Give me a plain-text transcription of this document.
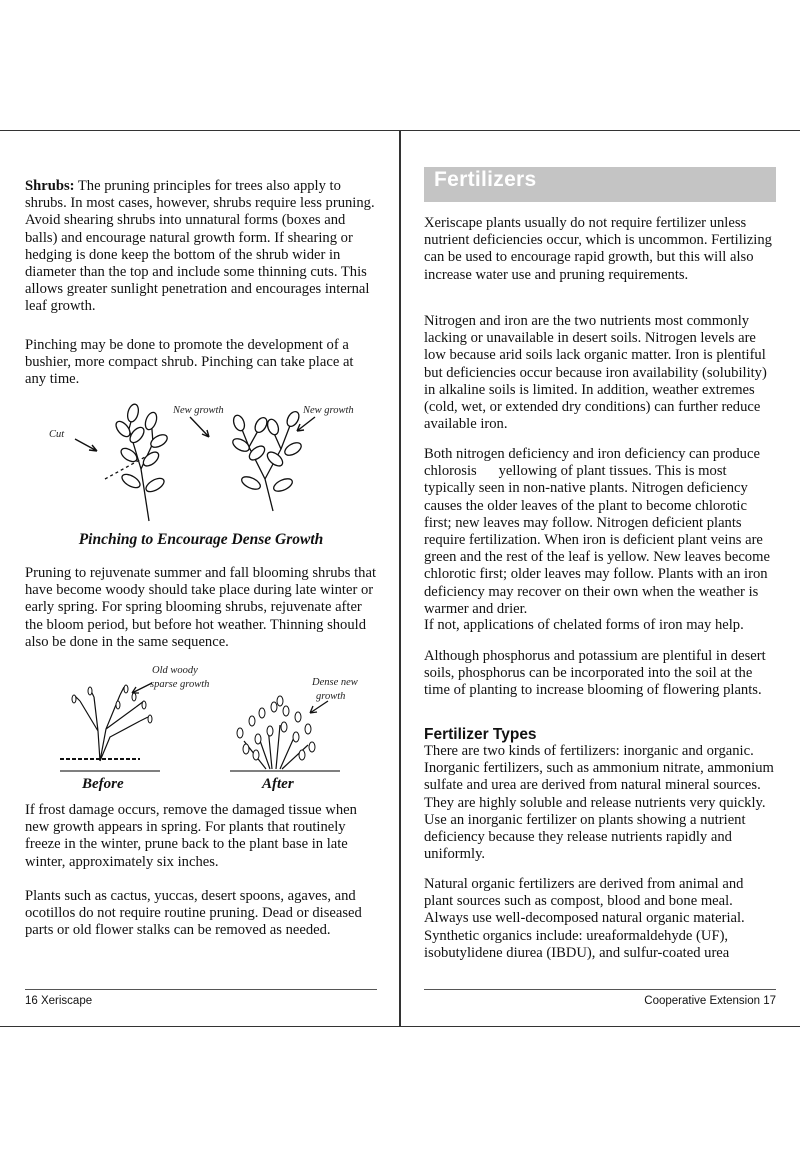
Shrubs: The pruning principles for trees also apply to shrubs. In most cases, however, shrubs require less pruning. Avoid shearing shrubs into unnatural forms (boxes and balls) and encourage natural growth form. If shearing or hedging is done keep the bottom of the shrub wider in diameter than the top and include some thinning cuts. This allows greater sunlight penetration and encourages internal leaf growth.

Pinching may be done to promote the development of a bushier, more compact shrub. Pinching can take place at any time.

Cut
New growth	New growth
Pinching to Encourage Dense Growth

Pruning to rejuvenate summer and fall blooming shrubs that have become woody should take place during late winter or early spring. For spring blooming shrubs, rejuvenate after the bloom period, but before hot weather. Thinning should also be done in the same sequence.

Old woody
sparse growth	Dense new
growth
Before	After

If frost damage occurs, remove the damaged tissue when new growth appears in spring. For plants that routinely freeze in the winter, prune back to the plant base in late winter, approximately six inches.

Plants such as cactus, yuccas, desert spoons, agaves, and ocotillos do not require routine pruning. Dead or diseased parts or old flower stalks can be removed as needed.

16 Xeriscape
Fertilizers

Xeriscape plants usually do not require fertilizer unless nutrient deficiencies occur, which is uncommon. Fertilizing can be used to encourage rapid growth, but this will also increase water use and pruning requirements.

Nitrogen and iron are the two nutrients most commonly lacking or unavailable in desert soils. Nitrogen levels are low because arid soils lack organic matter. Iron is plentiful but deficiencies occur because iron availability (solubility) in alkaline soils is limited. In addition, weather extremes (cold, wet, or extended dry conditions) can further reduce available iron.

Both nitrogen deficiency and iron deficiency can produce chlorosis      yellowing of plant tissues. This is most typically seen in non-native plants. Nitrogen deficiency causes the older leaves of the plant to become chlorotic first; new leaves may follow. Nitrogen deficient plants require fertilization. When iron is deficient plant veins are green and the rest of the leaf is yellow. New leaves become chlorotic first; older leaves may follow. Plants with an iron deficiency may recover on their own when the weather is warmer and drier.

If not, applications of chelated forms of iron may help.

Although phosphorus and potassium are plentiful in desert soils, phosphorus can be incorporated into the soil at the time of planting to increase blooming of flowering plants.

Fertilizer Types

There are two kinds of fertilizers: inorganic and organic. Inorganic fertilizers, such as ammonium nitrate, ammonium sulfate and urea are derived from natural mineral sources. They are highly soluble and release nutrients very quickly. Use an inorganic fertilizer on plants showing a nutrient deficiency because they release nutrients rapidly and uniformly.

Natural organic fertilizers are derived from animal and plant sources such as compost, blood and bone meal. Always use well-decomposed natural organic material. Synthetic organics include: ureaformaldehyde (UF), isobutylidene diurea (IBDU), and sulfur-coated urea

Cooperative Extension 17
